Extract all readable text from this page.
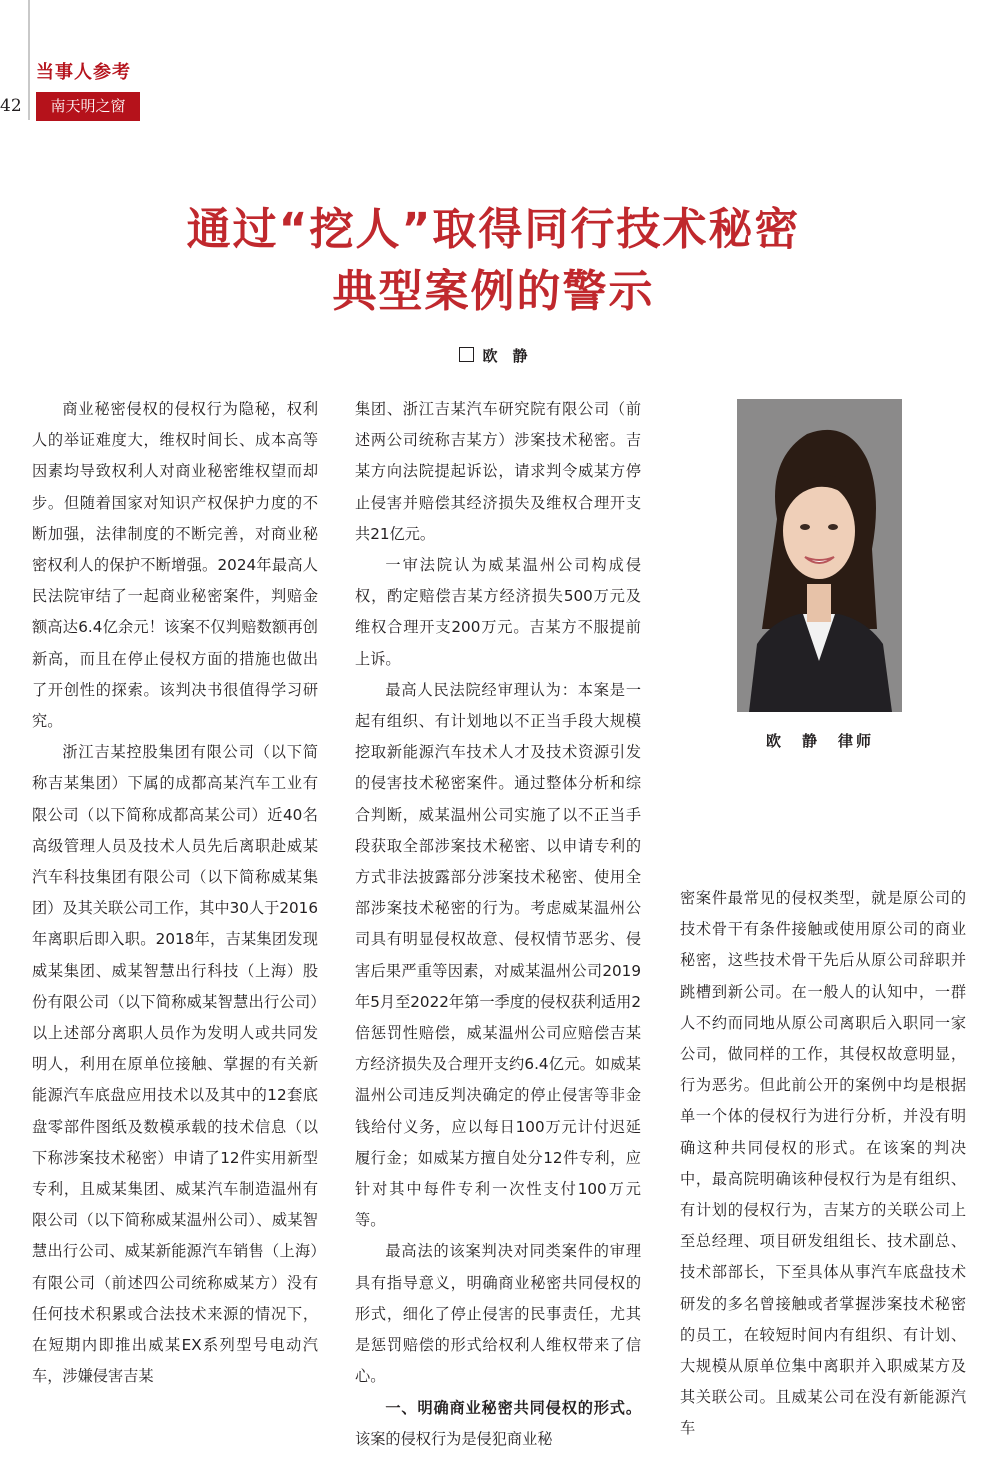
当事人参考
42	南天明之窗
通过“挖人”取得同行技术秘密
典型案例的警示
欧　静

商业秘密侵权的侵权行为隐秘，权利人的举证难度大，维权时间长、成本高等因素均导致权利人对商业秘密维权望而却步。但随着国家对知识产权保护力度的不断加强，法律制度的不断完善，对商业秘密权利人的保护不断增强。2024年最高人民法院审结了一起商业秘密案件，判赔金额高达6.4亿余元！该案不仅判赔数额再创新高，而且在停止侵权方面的措施也做出了开创性的探索。该判决书很值得学习研究。

浙江吉某控股集团有限公司（以下简称吉某集团）下属的成都高某汽车工业有限公司（以下简称成都高某公司）近40名高级管理人员及技术人员先后离职赴威某汽车科技集团有限公司（以下简称威某集团）及其关联公司工作，其中30人于2016年离职后即入职。2018年，吉某集团发现威某集团、威某智慧出行科技（上海）股份有限公司（以下简称威某智慧出行公司）以上述部分离职人员作为发明人或共同发明人，利用在原单位接触、掌握的有关新能源汽车底盘应用技术以及其中的12套底盘零部件图纸及数模承载的技术信息（以下称涉案技术秘密）申请了12件实用新型专利，且威某集团、威某汽车制造温州有限公司（以下简称威某温州公司）、威某智慧出行公司、威某新能源汽车销售（上海）有限公司（前述四公司统称威某方）没有任何技术积累或合法技术来源的情况下，在短期内即推出威某EX系列型号电动汽车，涉嫌侵害吉某

集团、浙江吉某汽车研究院有限公司（前述两公司统称吉某方）涉案技术秘密。吉某方向法院提起诉讼，请求判令威某方停止侵害并赔偿其经济损失及维权合理开支共21亿元。

一审法院认为威某温州公司构成侵权，酌定赔偿吉某方经济损失500万元及维权合理开支200万元。吉某方不服提前上诉。

最高人民法院经审理认为：本案是一起有组织、有计划地以不正当手段大规模挖取新能源汽车技术人才及技术资源引发的侵害技术秘密案件。通过整体分析和综合判断，威某温州公司实施了以不正当手段获取全部涉案技术秘密、以申请专利的方式非法披露部分涉案技术秘密、使用全部涉案技术秘密的行为。考虑威某温州公司具有明显侵权故意、侵权情节恶劣、侵害后果严重等因素，对威某温州公司2019年5月至2022年第一季度的侵权获利适用2倍惩罚性赔偿，威某温州公司应赔偿吉某方经济损失及合理开支约6.4亿元。如威某温州公司违反判决确定的停止侵害等非金钱给付义务，应以每日100万元计付迟延履行金；如威某方擅自处分12件专利，应针对其中每件专利一次性支付100万元等。

最高法的该案判决对同类案件的审理具有指导意义，明确商业秘密共同侵权的形式，细化了停止侵害的民事责任，尤其是惩罚赔偿的形式给权利人维权带来了信心。

一、明确商业秘密共同侵权的形式。该案的侵权行为是侵犯商业秘

欧　静　律师

密案件最常见的侵权类型，就是原公司的技术骨干有条件接触或使用原公司的商业秘密，这些技术骨干先后从原公司辞职并跳槽到新公司。在一般人的认知中，一群人不约而同地从原公司离职后入职同一家公司，做同样的工作，其侵权故意明显，行为恶劣。但此前公开的案例中均是根据单一个体的侵权行为进行分析，并没有明确这种共同侵权的形式。在该案的判决中，最高院明确该种侵权行为是有组织、有计划的侵权行为，吉某方的关联公司上至总经理、项目研发组组长、技术副总、技术部部长，下至具体从事汽车底盘技术研发的多名曾接触或者掌握涉案技术秘密的员工，在较短时间内有组织、有计划、大规模从原单位集中离职并入职威某方及其关联公司。且威某公司在没有新能源汽车
